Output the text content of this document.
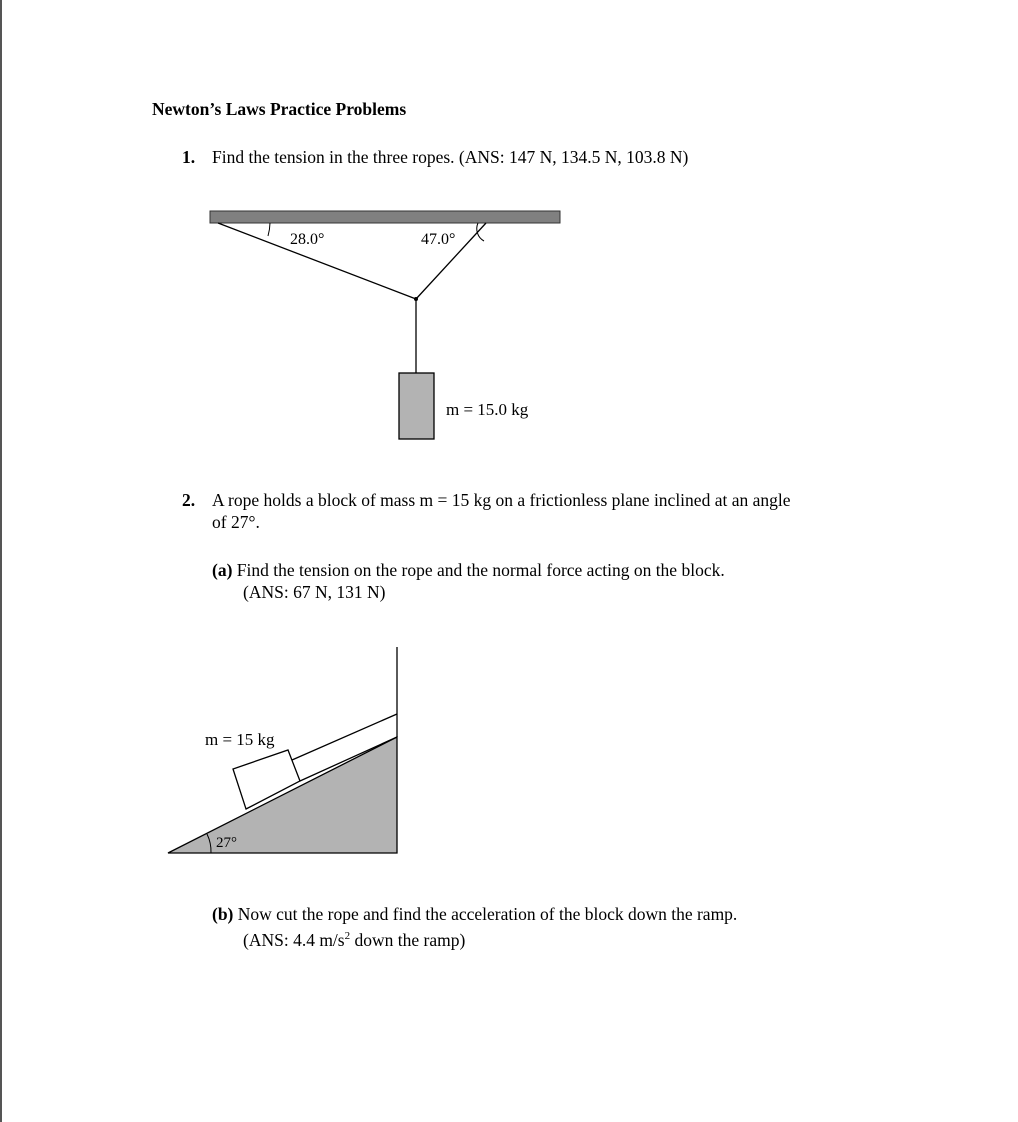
Newton’s Laws Practice Problems
1. Find the tension in the three ropes. (ANS: 147 N, 134.5 N, 103.8 N)

28.0°	47.0°
m = 15.0 kg
27°
m = 15 kg
2. A rope holds a block of mass m = 15 kg on a frictionless plane inclined at an angle
of 27°.

(a) Find the tension on the rope and the normal force acting on the block.
(ANS: 67 N, 131 N)

(b) Now cut the rope and find the acceleration of the block down the ramp.
(ANS: 4.4 $m/s^2$ down the ramp)
